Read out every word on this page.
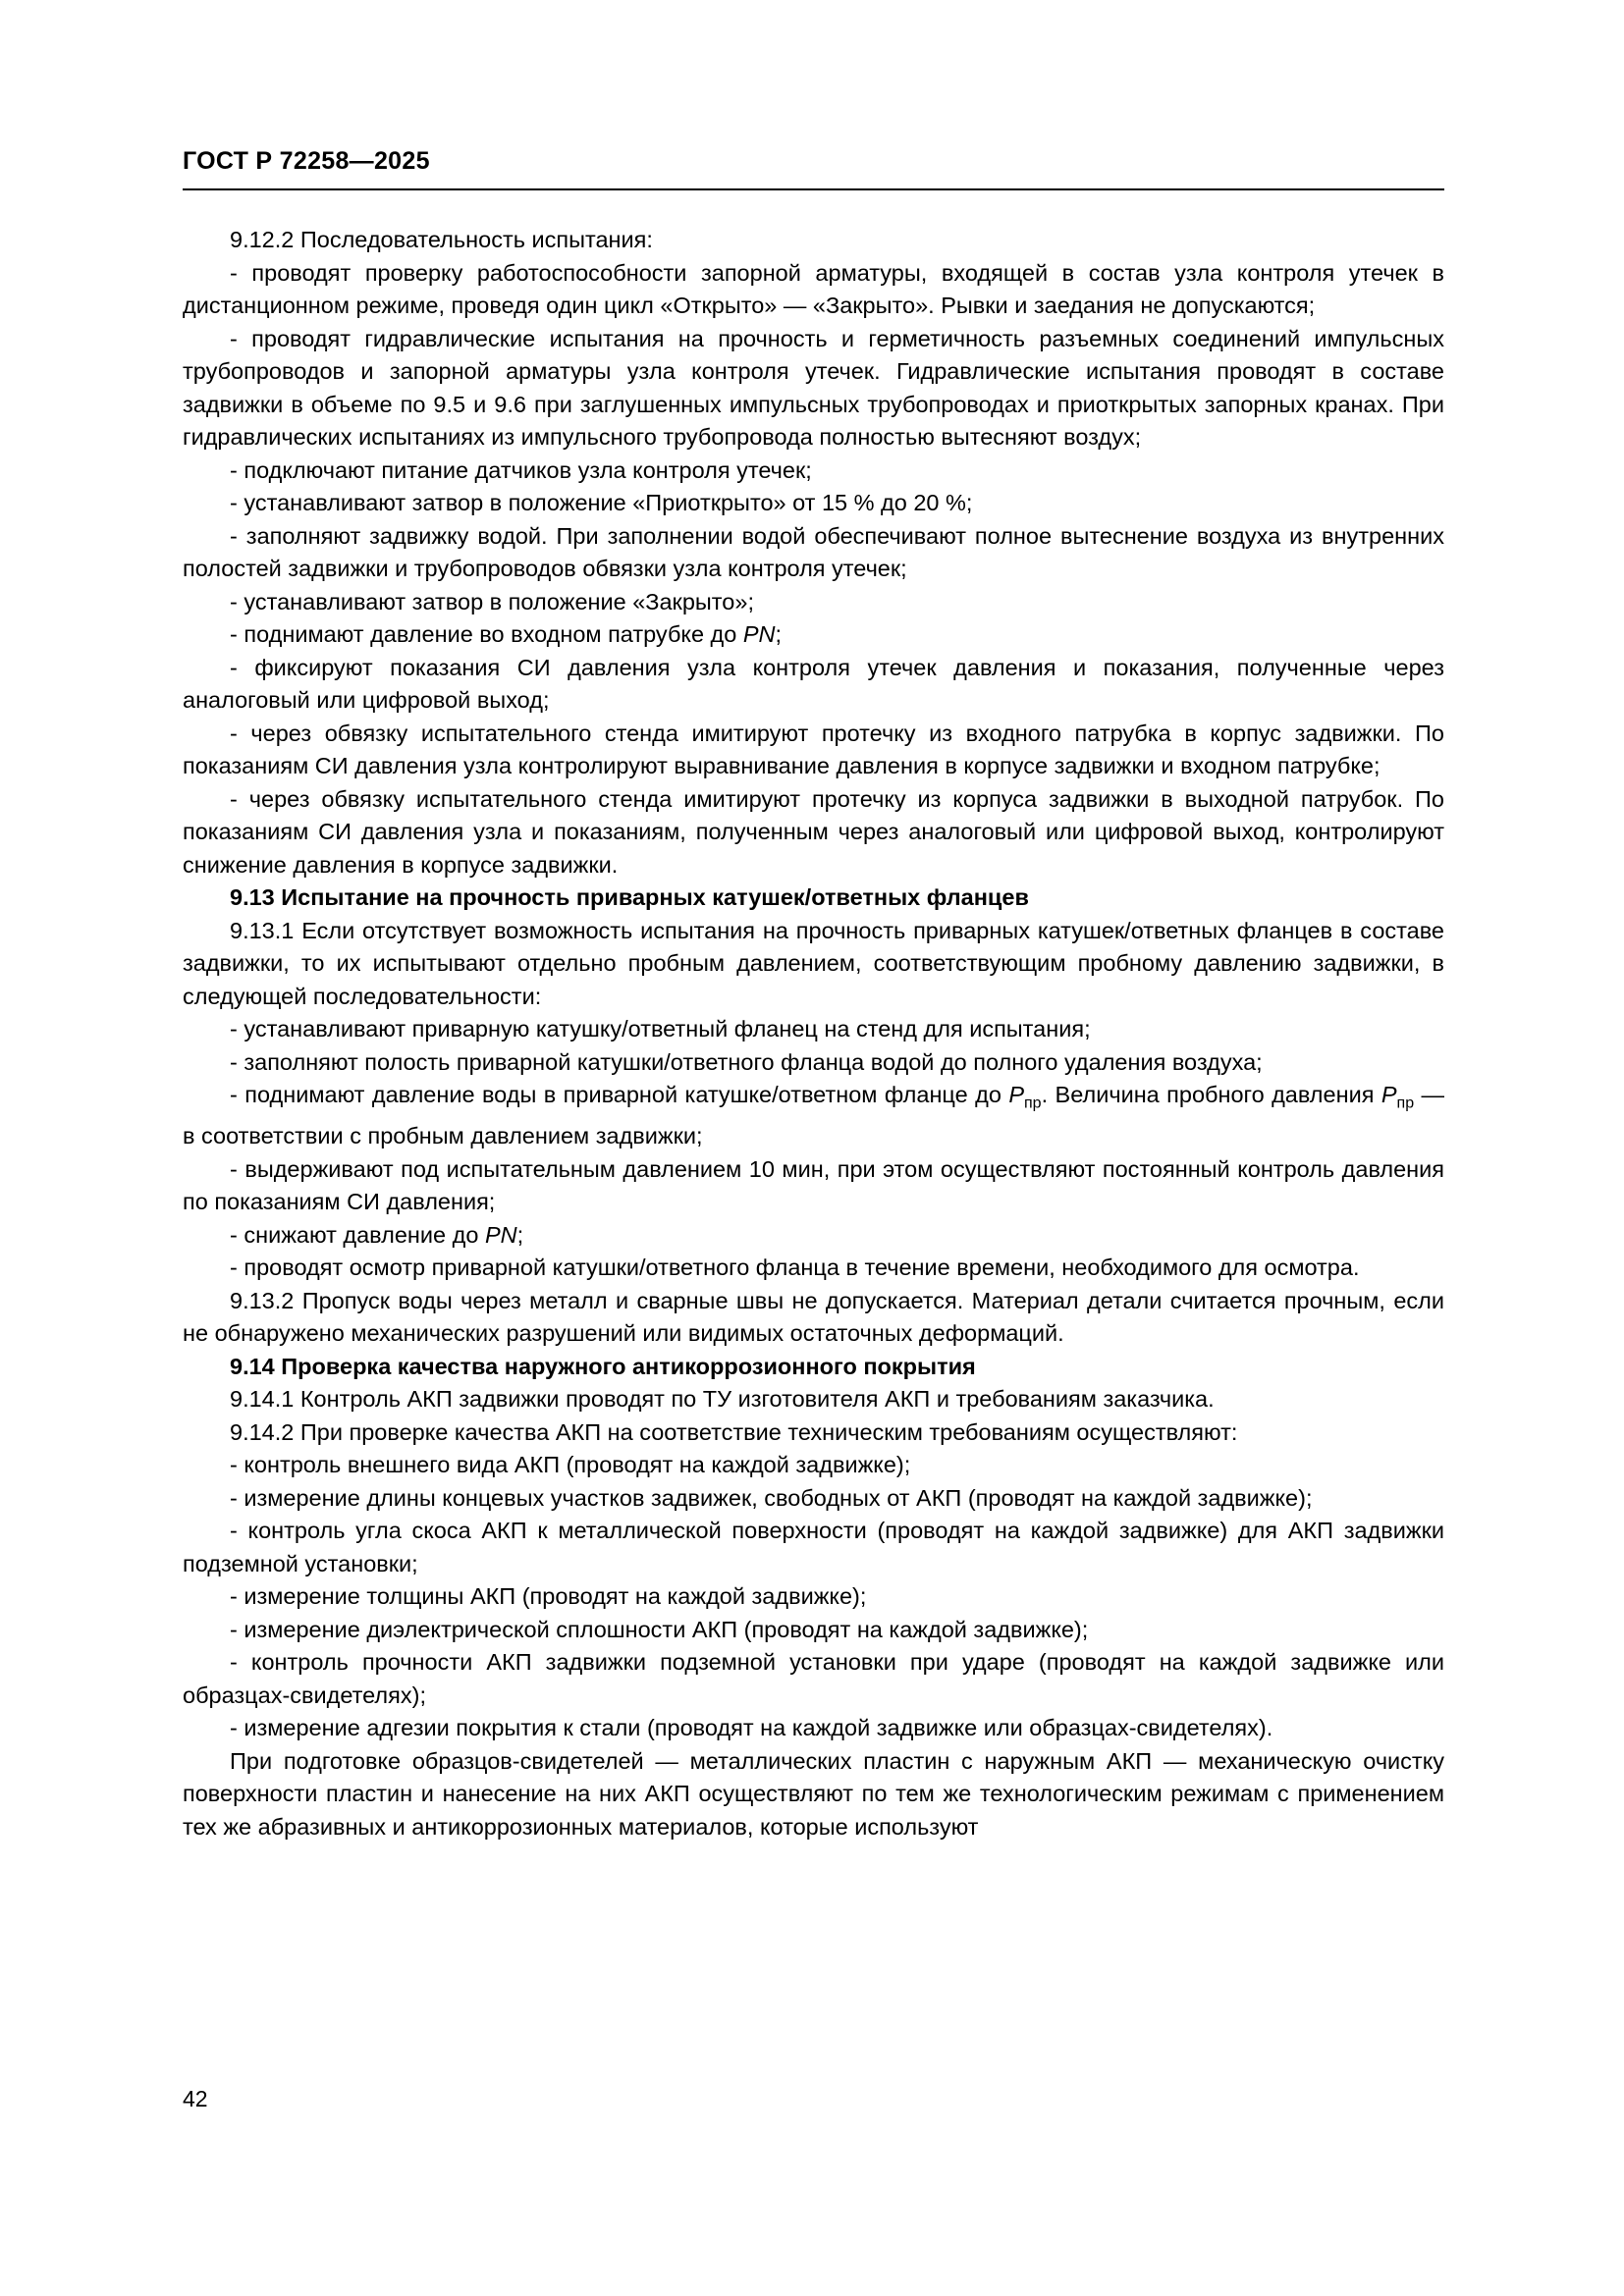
ГОСТ Р 72258—2025

9.12.2 Последовательность испытания:

- проводят проверку работоспособности запорной арматуры, входящей в состав узла контроля утечек в дистанционном режиме, проведя один цикл «Открыто» — «Закрыто». Рывки и заедания не допускаются;

- проводят гидравлические испытания на прочность и герметичность разъемных соединений импульсных трубопроводов и запорной арматуры узла контроля утечек. Гидравлические испытания проводят в составе задвижки в объеме по 9.5 и 9.6 при заглушенных импульсных трубопроводах и приоткрытых запорных кранах. При гидравлических испытаниях из импульсного трубопровода полностью вытесняют воздух;

- подключают питание датчиков узла контроля утечек;

- устанавливают затвор в положение «Приоткрыто» от 15 % до 20 %;

- заполняют задвижку водой. При заполнении водой обеспечивают полное вытеснение воздуха из внутренних полостей задвижки и трубопроводов обвязки узла контроля утечек;

- устанавливают затвор в положение «Закрыто»;

- поднимают давление во входном патрубке до PN;

- фиксируют показания СИ давления узла контроля утечек давления и показания, полученные через аналоговый или цифровой выход;

- через обвязку испытательного стенда имитируют протечку из входного патрубка в корпус задвижки. По показаниям СИ давления узла контролируют выравнивание давления в корпусе задвижки и входном патрубке;

- через обвязку испытательного стенда имитируют протечку из корпуса задвижки в выходной патрубок. По показаниям СИ давления узла и показаниям, полученным через аналоговый или цифровой выход, контролируют снижение давления в корпусе задвижки.

9.13 Испытание на прочность приварных катушек/ответных фланцев

9.13.1 Если отсутствует возможность испытания на прочность приварных катушек/ответных фланцев в составе задвижки, то их испытывают отдельно пробным давлением, соответствующим пробному давлению задвижки, в следующей последовательности:

- устанавливают приварную катушку/ответный фланец на стенд для испытания;

- заполняют полость приварной катушки/ответного фланца водой до полного удаления воздуха;

- поднимают давление воды в приварной катушке/ответном фланце до $P_{пр}$. Величина пробного давления $P_{пр}$ — в соответствии с пробным давлением задвижки;

- выдерживают под испытательным давлением 10 мин, при этом осуществляют постоянный контроль давления по показаниям СИ давления;

- снижают давление до PN;

- проводят осмотр приварной катушки/ответного фланца в течение времени, необходимого для осмотра.

9.13.2 Пропуск воды через металл и сварные швы не допускается. Материал детали считается прочным, если не обнаружено механических разрушений или видимых остаточных деформаций.

9.14 Проверка качества наружного антикоррозионного покрытия

9.14.1 Контроль АКП задвижки проводят по ТУ изготовителя АКП и требованиям заказчика.

9.14.2 При проверке качества АКП на соответствие техническим требованиям осуществляют:

- контроль внешнего вида АКП (проводят на каждой задвижке);

- измерение длины концевых участков задвижек, свободных от АКП (проводят на каждой задвижке);

- контроль угла скоса АКП к металлической поверхности (проводят на каждой задвижке) для АКП задвижки подземной установки;

- измерение толщины АКП (проводят на каждой задвижке);

- измерение диэлектрической сплошности АКП (проводят на каждой задвижке);

- контроль прочности АКП задвижки подземной установки при ударе (проводят на каждой задвижке или образцах-свидетелях);

- измерение адгезии покрытия к стали (проводят на каждой задвижке или образцах-свидетелях).

При подготовке образцов-свидетелей — металлических пластин с наружным АКП — механическую очистку поверхности пластин и нанесение на них АКП осуществляют по тем же технологическим режимам с применением тех же абразивных и антикоррозионных материалов, которые используют

42
